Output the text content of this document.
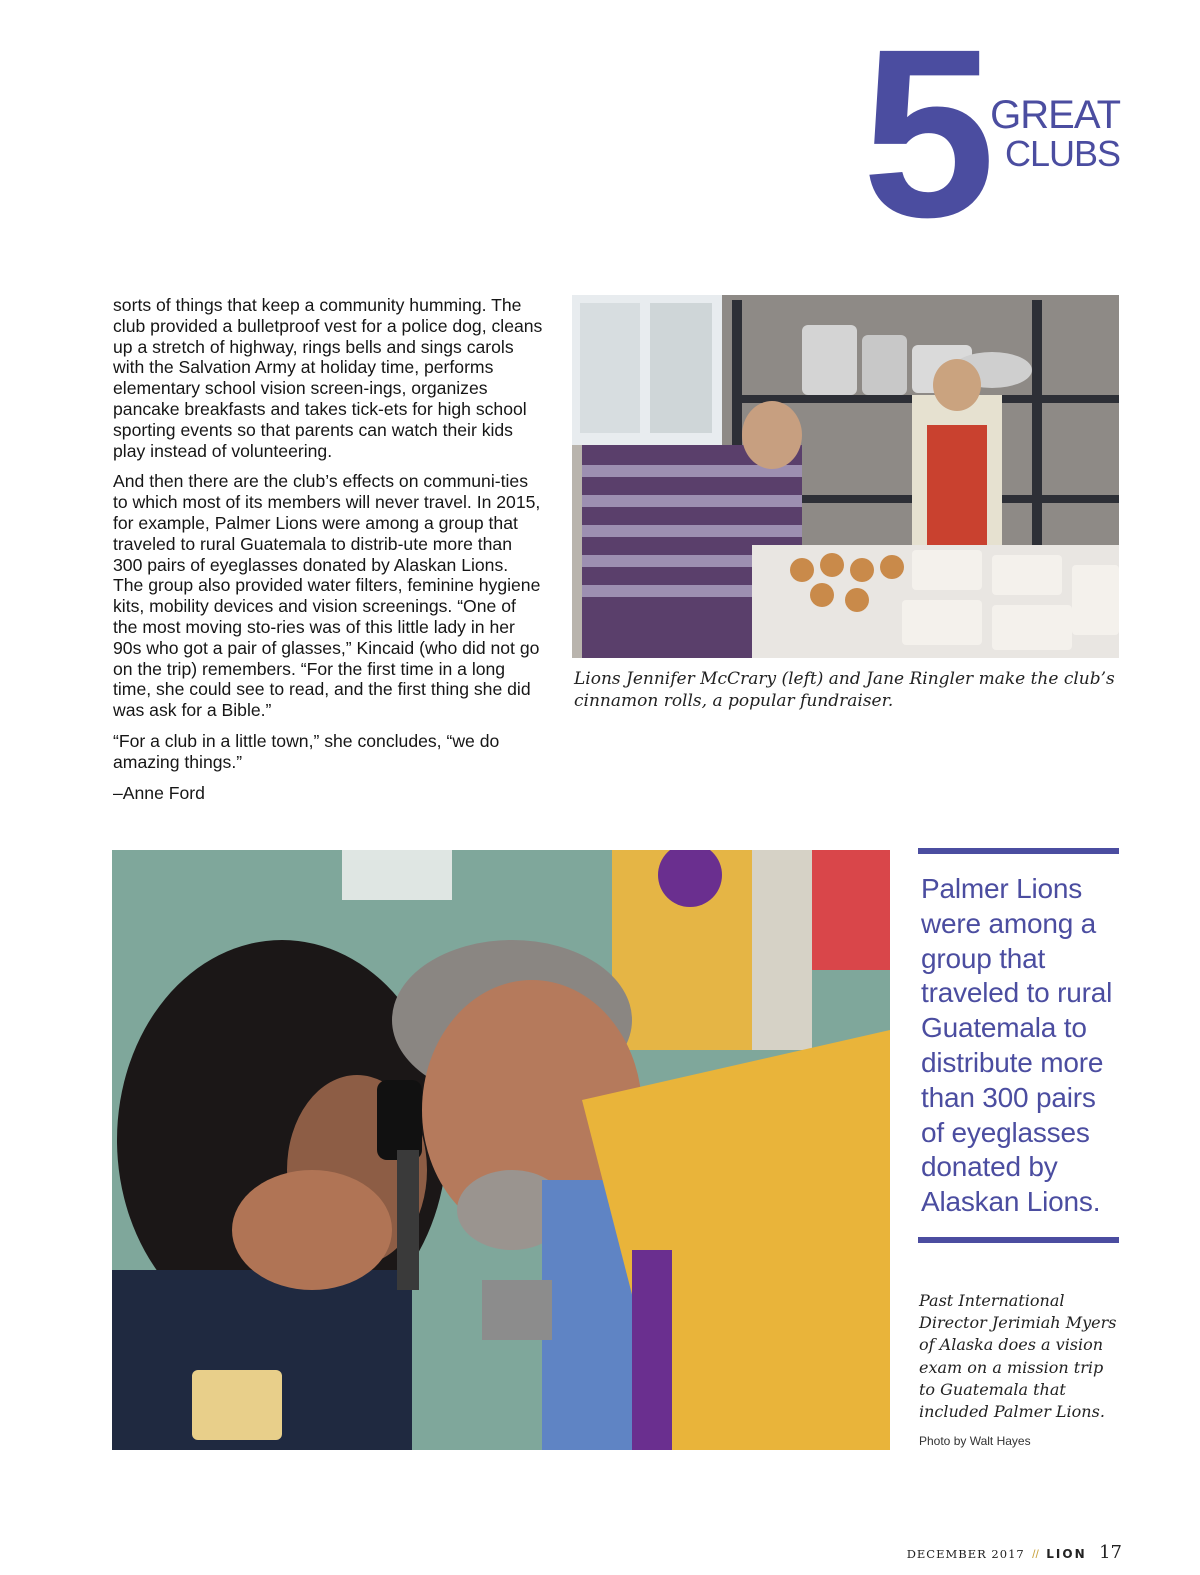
5 GREAT
CLUBS

sorts of things that keep a community humming. The club provided a bulletproof vest for a police dog, cleans up a stretch of highway, rings bells and sings carols with the Salvation Army at holiday time, performs elementary school vision screen-ings, organizes pancake breakfasts and takes tick-ets for high school sporting events so that parents can watch their kids play instead of volunteering.

And then there are the club’s effects on communi-ties to which most of its members will never travel. In 2015, for example, Palmer Lions were among a group that traveled to rural Guatemala to distrib-ute more than 300 pairs of eyeglasses donated by Alaskan Lions. The group also provided water filters, feminine hygiene kits, mobility devices and vision screenings. “One of the most moving sto-ries was of this little lady in her 90s who got a pair of glasses,” Kincaid (who did not go on the trip) remembers. “For the first time in a long time, she could see to read, and the first thing she did was ask for a Bible.”

“For a club in a little town,” she concludes, “we do amazing things.”

–Anne Ford

Lions Jennifer McCrary (left) and Jane Ringler make the club’s cinnamon rolls, a popular fundraiser.
Palmer Lions were among a group that traveled to rural Guatemala to distribute more than 300 pairs of eyeglasses donated by Alaskan Lions.
Past International Director Jerimiah Myers of Alaska does a vision exam on a mission trip to Guatemala that included Palmer Lions.
Photo by Walt Hayes
DECEMBER 2017 // LION 17
